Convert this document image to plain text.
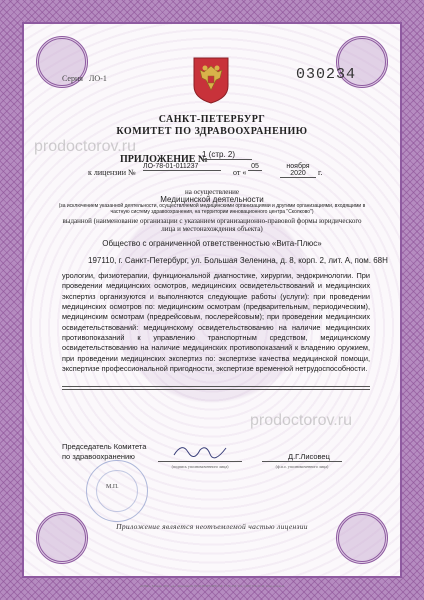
Серия ЛО-1	030234
САНКТ-ПЕТЕРБУРГ
КОМИТЕТ ПО ЗДРАВООХРАНЕНИЮ
prodoctorov.ru
prodoctorov.ru
ПРИЛОЖЕНИЕ №
1 (стр. 2)
к лицензии №
ЛО-78-01-011237
от «
05	ноября 2020	г.
на осуществление
Медицинской деятельности
(за исключением указанной деятельности, осуществляемой медицинскими организациями и другими организациями, входящими в частную систему здравоохранения, на территории инновационного центра "Сколково")
выданной (наименование организации с указанием организационно-правовой формы юридического лица и местонахождения объекта)
Общество с ограниченной ответственностью «Вита-Плюс»
197110, г. Санкт-Петербург, ул. Большая Зеленина, д. 8, корп. 2, лит. А, пом. 68Н
урологии, физиотерапии, функциональной диагностике, хирургии, эндокринологии. При проведении медицинских осмотров, медицинских освидетельствований и медицинских экспертиз организуются и выполняются следующие работы (услуги): при проведении медицинских осмотров по: медицинским осмотрам (предварительным, периодическим), медицинским осмотрам (предрейсовым, послерейсовым); при проведении медицинских освидетельствований: медицинскому освидетельствованию на наличие медицинских противопоказаний к управлению транспортным средством, медицинскому освидетельствованию на наличие медицинских противопоказаний к владению оружием, при проведении медицинских экспертиз по: экспертизе качества медицинской помощи, экспертизе профессиональной пригодности, экспертизе временной нетрудоспособности.
Председатель Комитета
по здравоохранению
(подпись уполномоченного лица)	(ф.и.о. уполномоченного лица)
Д.Г.Лисовец
М.П.
Приложение является неотъемлемой частью лицензии
«ПЗБФ», Москва, 2019, «А». Лицензия № 05-05-09/003 ФНС РФ. ТЗ № 456. Тел.: (495) 726-47-42, www.opcion.ru
